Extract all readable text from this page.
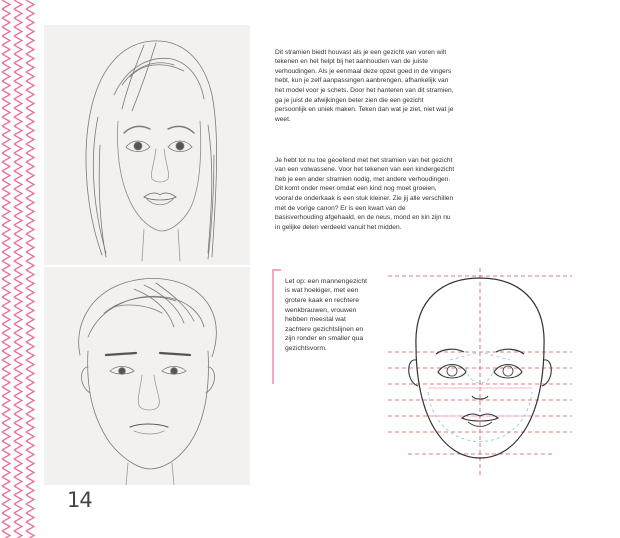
Dit stramien biedt houvast als je een gezicht van voren wilt tekenen en het helpt bij het aanhouden van de juiste verhoudingen. Als je eenmaal deze opzet goed in de vingers hebt, kun je zelf aanpassingen aanbrengen, afhankelijk van het model voor je schets. Door het hanteren van dit stramien, ga je juist de afwijkingen beter zien die een gezicht persoonlijk en uniek maken. Teken dan wat je ziet, niet wat je weet.

Je hebt tot nu toe geoefend met het stramien van het gezicht van een volwassene. Voor het tekenen van een kindergezicht heb je een ander stramien nodig, met andere verhoudingen. Dit komt onder meer omdat een kind nog moet groeien, vooral de onderkaak is een stuk kleiner. Zie jij alle verschillen met de vorige canon? Er is een kwart van de basisverhouding afgehaald, en de neus, mond en kin zijn nu in gelijke delen verdeeld vanuit het midden.

Let op: een mannengezicht is wat hoekiger, met een grotere kaak en rechtere wenkbrauwen, vrouwen hebben meestal wat zachtere gezichtslijnen en zijn ronder en smaller qua gezichtsvorm.

14
